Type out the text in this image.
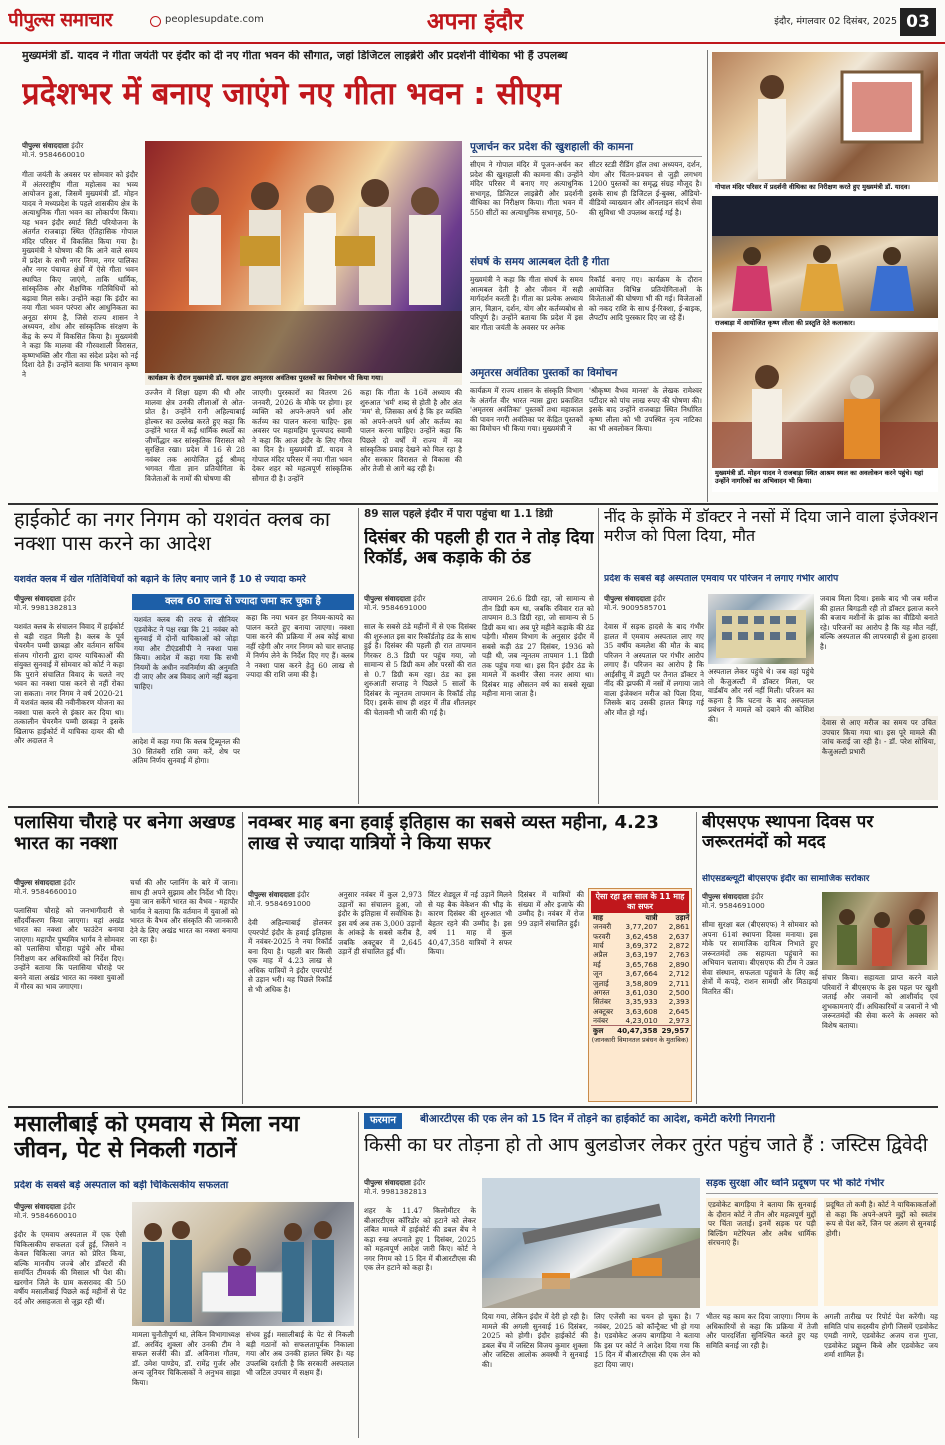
पीपुल्स समाचार	peoplesupdate.com	अपना इंदौर	इंदौर, मंगलवार 02 दिसंबर, 2025 03
मुख्यमंत्री डॉ. यादव ने गीता जयंती पर इंदौर को दी नए गीता भवन की सौगात, जहां डिजिटल लाइब्रेरी और प्रदर्शनी वीथिका भी हैं उपलब्ध
प्रदेशभर में बनाए जाएंगे नए गीता भवन : सीएम
पीपुल्स संवाददाता इंदौर
मो.नं. 9584660010
गीता जयंती के अवसर पर सोमवार को इंदौर में अंतरराष्ट्रीय गीता महोत्सव का भव्य आयोजन हुआ, जिसमें मुख्यमंत्री डॉ. मोहन यादव ने मध्यप्रदेश के पहले शासकीय क्षेत्र के अत्याधुनिक गीता भवन का लोकार्पण किया। यह भवन इंदौर स्मार्ट सिटी परियोजना के अंतर्गत राजबाड़ा स्थित ऐतिहासिक गोपाल मंदिर परिसर में विकसित किया गया है। मुख्यमंत्री ने घोषणा की कि आने वाले समय में प्रदेश के सभी नगर निगम, नगर पालिका और नगर पंचायत क्षेत्रों में ऐसे गीता भवन स्थापित किए जाएंगे, ताकि धार्मिक, सांस्कृतिक और शैक्षणिक गतिविधियों को बढ़ावा मिल सके। उन्होंने कहा कि इंदौर का नया गीता भवन परंपरा और आधुनिकता का अनूठा संगम है, जिसे राज्य शासन ने अध्ययन, शोध और सांस्कृतिक संरक्षण के केंद्र के रूप में विकसित किया है। मुख्यमंत्री ने कहा कि मालवा की गौरवशाली विरासत, कृष्णभक्ति और गीता का संदेश प्रदेश को नई दिशा देते हैं। उन्होंने बताया कि भगवान कृष्ण ने	कार्यक्रम के दौरान मुख्यमंत्री डॉ. यादव द्वारा अमृतरस अवंतिका पुस्तकों का विमोचन भी किया गया।
उज्जैन में शिक्षा ग्रहण की थी और मालवा क्षेत्र उनकी लीलाओं से ओत-प्रोत है। उन्होंने रानी अहिल्याबाई होल्कर का उल्लेख करते हुए कहा कि उन्होंने भारत में कई धार्मिक स्थलों का जीर्णोद्धार कर सांस्कृतिक विरासत को सुरक्षित रखा। प्रदेश में 16 से 28 नवंबर तक आयोजित हुई श्रीमद् भगवत गीता ज्ञान प्रतियोगिता के विजेताओं के नामों की घोषणा की
जाएगी। पुरस्कारों का वितरण 26 जनवरी, 2026 के मौके पर होगा। हर व्यक्ति को अपने-अपने धर्म और कर्तव्य का पालन करना चाहिए- इस अवसर पर महामहिम पूज्यपाद स्वामी ने कहा कि आज इंदौर के लिए गौरव का दिन है। मुख्यमंत्री डॉ. यादव ने गोपाल मंदिर परिसर में नया गीता भवन देकर शहर को महत्वपूर्ण सांस्कृतिक सौगात दी है। उन्होंने
कहा कि गीता के 16वें अध्याय की शुरुआत 'धर्म' शब्द से होती है और अंत 'मम' से, जिसका अर्थ है कि हर व्यक्ति को अपने-अपने धर्म और कर्तव्य का पालन करना चाहिए। उन्होंने कहा कि पिछले दो वर्षों में राज्य में नव सांस्कृतिक प्रवाह देखने को मिल रहा है और सरकार विरासत से विकास की ओर तेजी से आगे बढ़ रही है।
पूजार्चन कर प्रदेश की खुशहाली की कामना
सीएम ने गोपाल मंदिर में पूजन-अर्चन कर प्रदेश की खुशहाली की कामना की। उन्होंने मंदिर परिसर में बनाए गए अत्याधुनिक सभागृह, डिजिटल लाइब्रेरी और प्रदर्शनी वीथिका का निरीक्षण किया। गीता भवन में 550 सीटों का अत्याधुनिक सभागृह, 50-
सीटर स्टडी रीडिंग हॉल तथा अध्ययन, दर्शन, योग और चिंतन-प्रवचन से जुड़ी लगभग 1200 पुस्तकों का समृद्ध संग्रह मौजूद है। इसके साथ ही डिजिटल ई-बुक्स, ऑडियो-वीडियो व्याख्यान और ऑनलाइन संदर्भ सेवा की सुविधा भी उपलब्ध कराई गई है।
संघर्ष के समय आत्मबल देती है गीता
मुख्यमंत्री ने कहा कि गीता संघर्ष के समय आत्मबल देती है और जीवन में सही मार्गदर्शन करती है। गीता का प्रत्येक अध्याय ज्ञान, विज्ञान, दर्शन, योग और कर्तव्यबोध से परिपूर्ण है। उन्होंने बताया कि प्रदेश में इस बार गीता जयंती के अवसर पर अनेक
रिकॉर्ड बनाए गए। कार्यक्रम के दौरान आयोजित विभिन्न प्रतियोगिताओं के विजेताओं की घोषणा भी की गई। विजेताओं को नकद राशि के साथ ई-रिक्शा, ई-बाइक, लैपटॉप आदि पुरस्कार दिए जा रहे हैं।
अमृतरस अवंतिका पुस्तकों का विमोचन
कार्यक्रम में राज्य शासन के संस्कृति विभाग के अंतर्गत वीर भारत न्यास द्वारा प्रकाशित 'अमृतरस अवंतिका' पुस्तकों तथा महाकाल की पावन नगरी अवंतिका पर केंद्रित पुस्तकों का विमोचन भी किया गया। मुख्यमंत्री ने
'श्रीकृष्ण वैभव मानस' के लेखक रामेश्वर पटीदार को पांच लाख रुपए की घोषणा की। इसके बाद उन्होंने राजबाड़ा स्थित निर्धारित कृष्ण लीला को भी उपस्थित नृत्य नाटिका का भी अवलोकन किया।
गोपाल मंदिर परिसर में प्रदर्शनी वीथिका का निरीक्षण करते हुए मुख्यमंत्री डॉ. यादव।
राजबाड़ा में आयोजित कृष्ण लीला की प्रस्तुति देते कलाकार।
मुख्यमंत्री डॉ. मोहन यादव ने राजबाड़ा स्थित आश्रम स्थल का अवलोकन करने पहुंचे। यहां उन्होंने नागरिकों का अभिवादन भी किया।
हाईकोर्ट का नगर निगम को यशवंत क्लब का नक्शा पास करने का आदेश
यशवंत क्लब में खेल गतिविधियों को बढ़ाने के लिए बनाए जाने हैं 10 से ज्यादा कमरे
पीपुल्स संवाददाता इंदौर
मो.नं. 9981382813
यशवंत क्लब के संचालन विवाद में हाईकोर्ट से बड़ी राहत मिली है। क्लब के पूर्व चेयरमैन पम्मी छाबड़ा और वर्तमान सचिव संजय गोरानी द्वारा दायर याचिकाओं की संयुक्त सुनवाई में सोमवार को कोर्ट ने कहा कि पुराने संचालित विवाद के चलते नए भवन का नक्शा पास करने से नहीं रोका जा सकता। नगर निगम ने वर्ष 2020-21 में यशवंत क्लब की नवीनीकरण योजना का नक्शा पास करने से इंकार कर दिया था। तत्कालीन चेयरमैन पम्मी छाबड़ा ने इसके खिलाफ हाईकोर्ट में याचिका दायर की थी और अदालत ने
क्लब 60 लाख से ज्यादा जमा कर चुका है
यशवंत क्लब की तरफ से सीनियर एडवोकेट ने पक्ष रखा कि 21 नवंबर को सुनवाई में दोनों याचिकाओं को जोड़ा गया और टीएंडसीपी ने नक्शा पास किया। आदेश में कहा गया कि सभी नियमों के अधीन नवनिर्माण की अनुमति दी जाए और अब विवाद आगे नहीं बढ़ना चाहिए।
कहा कि नया भवन हर नियम-कायदे का पालन करते हुए बनाया जाएगा। नक्शा पास करने की प्रक्रिया में अब कोई बाधा नहीं रहेगी और नगर निगम को चार सप्ताह में निर्णय लेने के निर्देश दिए गए हैं। क्लब ने नक्शा पास करने हेतु 60 लाख से ज्यादा की राशि जमा की है।
आदेश में कहा गया कि क्लब ट्रिब्यूनल की 30 सितंबरी राशि जमा करें, शेष पर अंतिम निर्णय सुनवाई में होगा।
89 साल पहले इंदौर में पारा पहुंचा था 1.1 डिग्री
दिसंबर की पहली ही रात ने तोड़ दिया रिकॉर्ड, अब कड़ाके की ठंड
पीपुल्स संवाददाता इंदौर
मो.नं. 9584691000
साल के सबसे ठंडे महीनों में से एक दिसंबर की शुरुआत इस बार रिकॉर्डतोड़ ठंड के साथ हुई है। दिसंबर की पहली ही रात तापमान गिरकर 8.3 डिग्री पर पहुंच गया, जो सामान्य से 5 डिग्री कम और परसों की रात से 0.7 डिग्री कम रहा। ठंड का इस शुरुआती सप्ताह ने पिछले 5 सालों के दिसंबर के न्यूनतम तापमान के रिकॉर्ड तोड़ दिए। इसके साथ ही शहर में तीव्र शीतलहर की चेतावनी भी जारी की गई है।
तापमान 26.6 डिग्री रहा, जो सामान्य से तीन डिग्री कम था, जबकि रविवार रात को तापमान 8.3 डिग्री रहा, जो सामान्य से 5 डिग्री कम था। अब पूरे महीने कड़ाके की ठंड पड़ेगी। मौसम विभाग के अनुसार इंदौर में सबसे कड़ी ठंड 27 दिसंबर, 1936 को पड़ी थी, जब न्यूनतम तापमान 1.1 डिग्री तक पहुंच गया था। इस दिन इंदौर ठंड के मामले में कश्मीर जैसा नजर आया था। दिसंबर माह औसतन वर्ष का सबसे सूखा महीना माना जाता है।
नींद के झोंके में डॉक्टर ने नसों में दिया जाने वाला इंजेक्शन मरीज को पिला दिया, मौत
प्रदेश के सबसे बड़े अस्पताल एमवाय पर परिजन ने लगाए गंभीर आरोप
पीपुल्स संवाददाता इंदौर
मो.नं. 9009585701
देवास में सड़क हादसे के बाद गंभीर हालत में एमवाय अस्पताल लाए गए 35 वर्षीय कमलेश की मौत के बाद परिजन ने अस्पताल पर गंभीर आरोप लगाए हैं। परिजन का आरोप है कि आईसीयू में ड्यूटी पर तैनात डॉक्टर ने नींद की झपकी में नसों में लगाया जाने वाला इंजेक्शन मरीज को पिला दिया, जिसके बाद उसकी हालत बिगड़ गई और मौत हो गई।
अस्पताल लेकर पहुंचे थे। जब वहां पहुंचे तो कैजुअल्टी में डॉक्टर मिला, पर वार्डबॉय और नर्स नहीं मिली। परिजन का कहना है कि घटना के बाद अस्पताल प्रबंधन ने मामले को दबाने की कोशिश की।
जवाब मिला दिया। इसके बाद भी जब मरीज की हालत बिगड़ती रही तो डॉक्टर इलाज करने की बजाय मशीनों के झांक का वीडियो बनाते रहे। परिजनों का आरोप है कि यह मौत नहीं, बल्कि अस्पताल की लापरवाही से हुआ हादसा है।
देवास से आए मरीज का समय पर उचित उपचार किया गया था। इस पूरे मामले की जांच कराई जा रही है। - डॉ. परेश सोधिया, कैजुअल्टी प्रभारी
पलासिया चौराहे पर बनेगा अखण्ड भारत का नक्शा
पीपुल्स संवाददाता इंदौर
मो.नं. 9584660010
पलासिया चौराहे को जनभागीदारी से सौंदर्यीकरण किया जाएगा। यहां अखंड भारत का नक्शा और फाउंटेन बनाया जाएगा। महापौर पुष्यमित्र भार्गव ने सोमवार को पलासिया चौराहा पहुंचे और मौका निरीक्षण कर अधिकारियों को निर्देश दिए। उन्होंने बताया कि पलासिया चौराहे पर बनने वाला अखंड भारत का नक्शा युवाओं में गौरव का भाव जगाएगा।
चर्चा की और प्लानिंग के बारे में जाना। साथ ही अपने सुझाव और निर्देश भी दिए। युवा जान सकेंगे भारत का वैभव - महापौर भार्गव ने बताया कि वर्तमान में युवाओं को भारत के वैभव और संस्कृति की जानकारी देने के लिए अखंड भारत का नक्शा बनाया जा रहा है।
नवम्बर माह बना हवाई इतिहास का सबसे व्यस्त महीना, 4.23 लाख से ज्यादा यात्रियों ने किया सफर
पीपुल्स संवाददाता इंदौर
मो.नं. 9584691000
देवी अहिल्याबाई होलकर एयरपोर्ट इंदौर के हवाई इतिहास में नवंबर-2025 ने नया रिकॉर्ड बना दिया है। पहली बार किसी एक माह में 4.23 लाख से अधिक यात्रियों ने इंदौर एयरपोर्ट से उड़ान भरी। यह पिछले रिकॉर्ड से भी अधिक है।
अनुसार नवंबर में कुल 2,973 उड़ानों का संचालन हुआ, जो इंदौर के इतिहास में सर्वाधिक है। इस वर्ष अब तक 3,000 उड़ानों के आंकड़े के सबसे करीब है, जबकि अक्टूबर में 2,645 उड़ानें ही संचालित हुई थीं।
विंटर शेड्यूल में नई उड़ानें मिलने से यह बैक वेकेशन की भीड़ के कारण दिसंबर की शुरुआत भी बेहतर रहने की उम्मीद है। इस वर्ष 11 माह में कुल 40,47,358 यात्रियों ने सफर किया।
ऐसा रहा इस साल के 11 माह का सफर
माह	यात्री	उड़ानें
जनवरी	3,77,207	2,861
फरवरी	3,62,458	2,637
मार्च	3,69,372	2,872
अप्रैल	3,63,197	2,763
मई	3,65,768	2,890
जून	3,67,664	2,712
जुलाई	3,58,809	2,711
अगस्त	3,61,030	2,500
सितंबर	3,35,933	2,393
अक्टूबर	3,63,608	2,645
नवंबर	4,23,010	2,973
कुल	40,47,358	29,957
(जानकारी विमानतल प्रबंधन के मुताबिक)
दिसंबर में यात्रियों की संख्या में और इजाफे की उम्मीद है। नवंबर में रोज 99 उड़ानें संचालित हुईं।
बीएसएफ स्थापना दिवस पर जरूरतमंदों को मदद
सीएसडब्ल्यूटी बीएसएफ इंदौर का सामाजिक सरोकार
पीपुल्स संवाददाता इंदौर
मो.नं. 9584691000
सीमा सुरक्षा बल (बीएसएफ) ने सोमवार को अपना 61वां स्थापना दिवस मनाया। इस मौके पर सामाजिक दायित्व निभाते हुए जरूरतमंदों तक सहायता पहुंचाने का अभियान चलाया। बीएसएफ की टीम ने उन्नत सेवा संस्थान, सफलता पहुंचाने के लिए कई क्षेत्रों में कपड़े, राशन सामग्री और मिठाइयां वितरित कीं।
संचार किया। सहायता प्राप्त करने वाले परिवारों ने बीएसएफ के इस पहल पर खुशी जताई और जवानों को आशीर्वाद एवं शुभकामनाएं दीं। अधिकारियों व जवानों ने भी जरूरतमंदों की सेवा करने के अवसर को विशेष बताया।
मसालीबाई को एमवाय से मिला नया जीवन, पेट से निकली गठानें
प्रदेश के सबसे बड़े अस्पताल को बड़ी चिकित्सकीय सफलता
पीपुल्स संवाददाता इंदौर
मो.नं. 9584660010
इंदौर के एमवाय अस्पताल में एक ऐसी चिकित्सकीय सफलता दर्ज हुई, जिसने न केवल चिकित्सा जगत को प्रेरित किया, बल्कि मानवीय जज्बे और डॉक्टरों की समर्पित टीमवर्क की मिसाल भी पेश की। खरगोन जिले के ग्राम कसरावद की 50 वर्षीय मसालीबाई पिछले कई महीनों से पेट दर्द और असहजता से जूझ रही थीं।
मामला चुनौतीपूर्ण था, लेकिन विभागाध्यक्ष डॉ. अरविंद शुक्ला और उनकी टीम ने सफल सर्जरी की। डॉ. अविनाश गौतम, डॉ. उमेश पाण्डेय, डॉ. रामेंद्र गुर्जर और अन्य जूनियर चिकित्सकों ने अनुभव साझा किया।
संभव हुई। मसालीबाई के पेट से निकली बड़ी गठानों को सफलतापूर्वक निकाला गया और अब उनकी हालत स्थिर है। यह उपलब्धि दर्शाती है कि सरकारी अस्पताल भी जटिल उपचार में सक्षम हैं।
फरमान	बीआरटीएस की एक लेन को 15 दिन में तोड़ने का हाईकोर्ट का आदेश, कमेटी करेगी निगरानी
किसी का घर तोड़ना हो तो आप बुलडोजर लेकर तुरंत पहुंच जाते हैं : जस्टिस द्विवेदी
पीपुल्स संवाददाता इंदौर
मो.नं. 9981382813
शहर के 11.47 किलोमीटर के बीआरटीएस कॉरिडोर को हटाने को लेकर लंबित मामले में हाईकोर्ट की डबल बेंच ने कड़ा रुख अपनाते हुए 1 दिसंबर, 2025 को महत्वपूर्ण आदेश जारी किए। कोर्ट ने नगर निगम को 15 दिन में बीआरटीएस की एक लेन हटाने को कहा है।
दिया गया, लेकिन इंदौर में देरी हो रही है। मामले की अगली सुनवाई 16 दिसंबर, 2025 को होगी। इंदौर हाईकोर्ट की डबल बेंच में जस्टिस विजय कुमार शुक्ला और जस्टिस आलोक अवस्थी ने सुनवाई की।
लिए एजेंसी का चयन हो चुका है। 7 नवंबर, 2025 को कॉन्ट्रैक्ट भी हो गया है। एडवोकेट अजय बागड़िया ने बताया कि इस पर कोर्ट ने आदेश दिया गया कि 15 दिन में बीआरटीएस की एक लेन को हटा दिया जाए।
सड़क सुरक्षा और ध्वनि प्रदूषण पर भी कोर्ट गंभीर
एडवोकेट बागड़िया ने बताया कि सुनवाई के दौरान कोर्ट ने तीन और महत्वपूर्ण मुद्दों पर चिंता जताई। इनमें सड़क पर पड़ी बिल्डिंग मटेरियल और अवैध धार्मिक संरचनाएं हैं।
प्रदूषित तो कमी है। कोर्ट ने याचिकाकर्ताओं से कहा कि अपने-अपने मुद्दों को स्वतंत्र रूप से पेश करें, जिन पर अलग से सुनवाई होगी।
भीतर यह काम कर दिया जाएगा। निगम के अधिकारियों से कहा कि प्रक्रिया में तेजी और पारदर्शिता सुनिश्चित करते हुए यह समिति बनाई जा रही है।
अगली तारीख पर रिपोर्ट पेश करेंगी। यह समिति पांच सदस्यीय होगी जिसमें एडवोकेट एमडी नागरे, एडवोकेट अजय राज गुप्ता, एडवोकेट प्रद्युम्न किबे और एडवोकेट जय शर्मा शामिल हैं।
